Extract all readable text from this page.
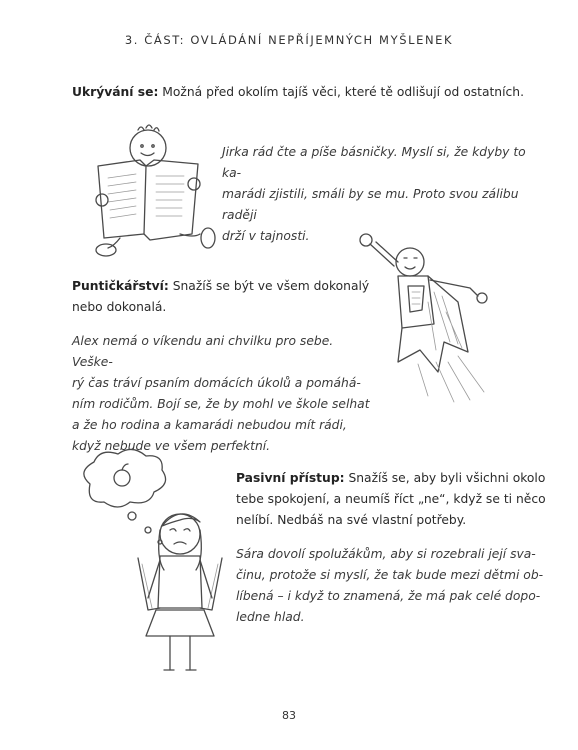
3. ČÁST: OVLÁDÁNÍ NEPŘÍJEMNÝCH MYŠLENEK
Ukrývání se: Možná před okolím tajíš věci, které tě odlišují od ostatních.
Jirka rád čte a píše básničky. Myslí si, že kdyby to ka-
marádi zjistili, smáli by se mu. Proto svou zálibu raději
drží v tajnosti.
Puntičkářství: Snažíš se být ve všem dokonalý
nebo dokonalá.
Alex nemá o víkendu ani chvilku pro sebe. Veške-
rý čas tráví psaním domácích úkolů a pomáhá-
ním rodičům. Bojí se, že by mohl ve škole selhat
a že ho rodina a kamarádi nebudou mít rádi,
když nebude ve všem perfektní.
Pasivní přístup: Snažíš se, aby byli všichni okolo
tebe spokojení, a neumíš říct „ne“, když se ti něco
nelíbí. Nedbáš na své vlastní potřeby.
Sára dovolí spolužákům, aby si rozebrali její sva-
činu, protože si myslí, že tak bude mezi dětmi ob-
líbená – i když to znamená, že má pak celé dopo-
ledne hlad.
83
